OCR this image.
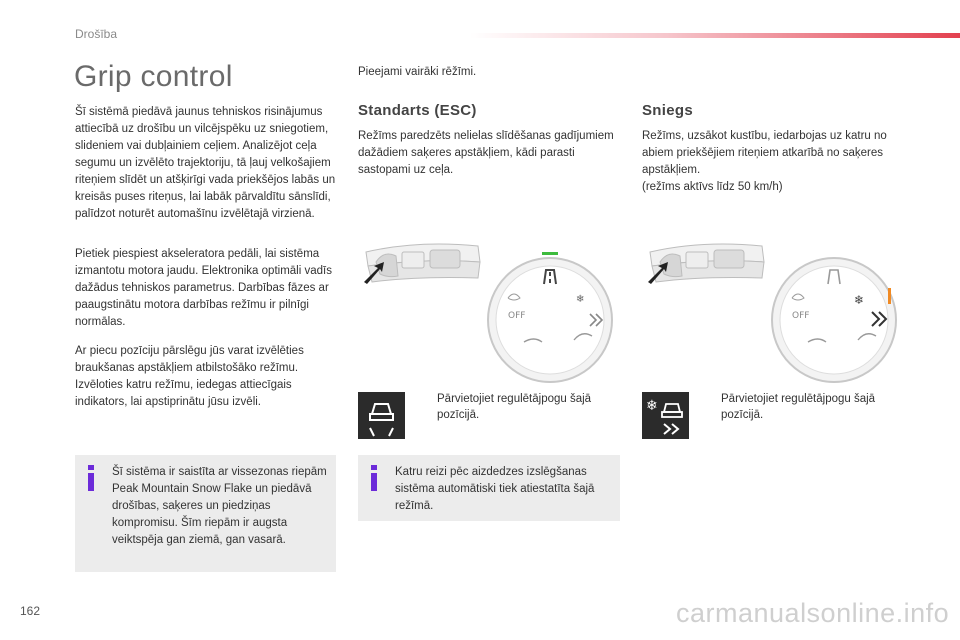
Drošība
Grip control

Šī sistēmā piedāvā jaunus tehniskos risinājumus attiecībā uz drošību un vilcējspēku uz sniegotiem, slideniem vai dubļainiem ceļiem. Analizējot ceļa segumu un izvēlēto trajektoriju, tā ļauj velkošajiem riteņiem slīdēt un atšķirīgi vada priekšējos labās un kreisās puses riteņus, lai labāk pārvaldītu sānslīdi, palīdzot noturēt automašīnu izvēlētajā virzienā.

Pietiek piespiest akseleratora pedāli, lai sistēma izmantotu motora jaudu. Elektronika optimāli vadīs dažādus tehniskos parametrus. Darbības fāzes ar paaugstinātu motora darbības režīmu ir pilnīgi normālas.

Ar piecu pozīciju pārslēgu jūs varat izvēlēties braukšanas apstākļiem atbilstošāko režīmu. Izvēloties katru režīmu, iedegas attiecīgais indikators, lai apstiprinātu jūsu izvēli.

Šī sistēma ir saistīta ar vissezonas riepām Peak Mountain Snow Flake un piedāvā drošības, saķeres un piedziņas kompromisu. Šīm riepām ir augsta veiktspēja gan ziemā, gan vasarā.
Pieejami vairāki rēžīmi.
Standarts (ESC)

Režīms paredzēts nelielas slīdēšanas gadījumiem dažādiem saķeres apstākļiem, kādi parasti sastopami uz ceļa.

❄
OFF
Pārvietojiet regulētājpogu šajā pozīcijā.
Katru reizi pēc aizdedzes izslēgšanas sistēma automātiski tiek atiestatīta šajā režīmā.
Sniegs

Režīms, uzsākot kustību, iedarbojas uz katru no abiem priekšējiem riteņiem atkarībā no saķeres apstākļiem.
(režīms aktīvs līdz 50 km/h)

❄
OFF
❄	Pārvietojiet regulētājpogu šajā pozīcijā.
162	carmanualsonline.info
